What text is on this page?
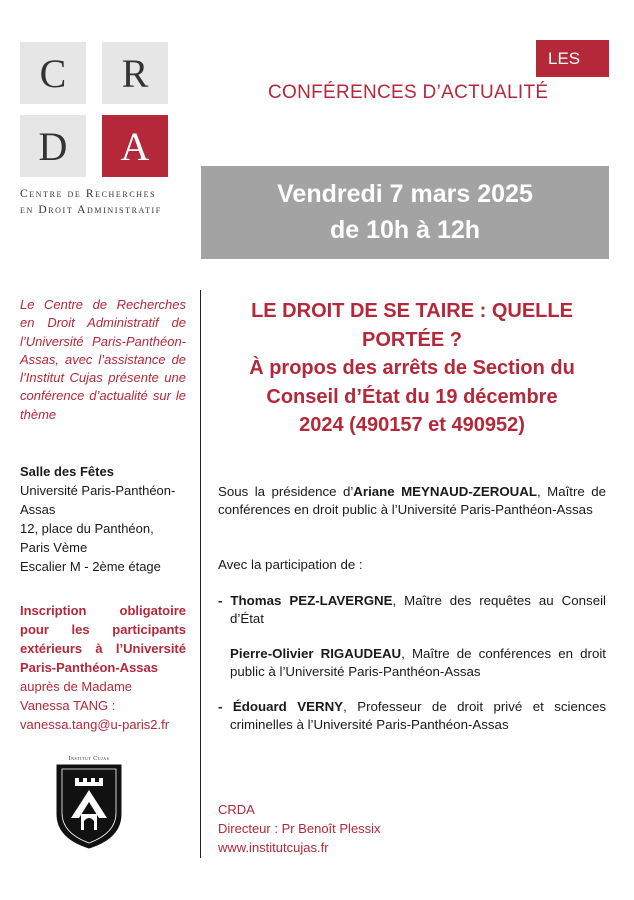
C	R
D	A
Centre de Recherches
en Droit Administratif
LES
CONFÉRENCES D’ACTUALITÉ
Vendredi 7 mars 2025
de 10h à 12h
Le Centre de Recherches en Droit Administratif de l’Université Paris-Panthéon-Assas, avec l’assistance de l’Institut Cujas présente une conférence d’actualité sur le thème
Salle des Fêtes
Université Paris-Panthéon-
Assas
12, place du Panthéon,
Paris Vème
Escalier M - 2ème étage
Inscription obligatoire pour les participants extérieurs à l’Université Paris-Panthéon-Assas
auprès de Madame
Vanessa TANG :
vanessa.tang@u-paris2.fr
Institut Cujas
LE DROIT DE SE TAIRE : QUELLE
PORTÉE ?
À propos des arrêts de Section du
Conseil d’État du 19 décembre
2024 (490157 et 490952)
Sous la présidence d’Ariane MEYNAUD-ZEROUAL, Maître de conférences en droit public à l’Université Paris-Panthéon-Assas
Avec la participation de :
- Thomas PEZ-LAVERGNE, Maître des requêtes au Conseil d’État
Pierre-Olivier RIGAUDEAU, Maître de conférences en droit public à l’Université Paris-Panthéon-Assas
- Édouard VERNY, Professeur de droit privé et sciences criminelles à l’Université Paris-Panthéon-Assas
CRDA
Directeur : Pr Benoît Plessix
www.institutcujas.fr
